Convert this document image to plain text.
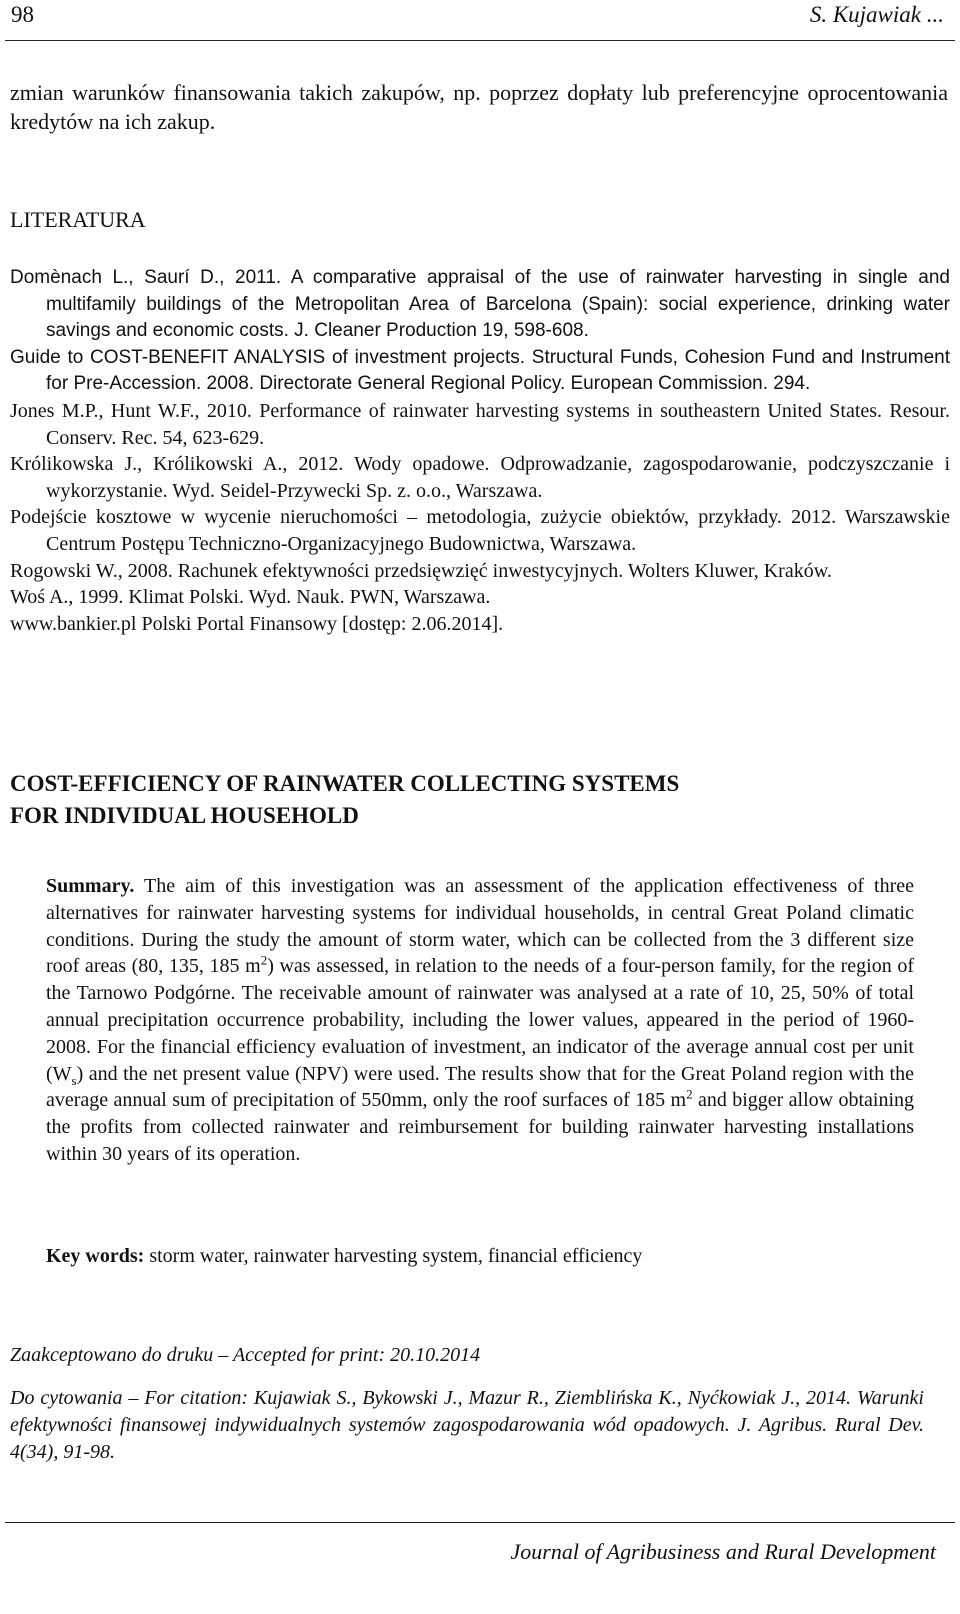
98	S. Kujawiak ...

zmian warunków finansowania takich zakupów, np. poprzez dopłaty lub preferencyjne oprocentowania kredytów na ich zakup.

LITERATURA
Domènach L., Saurí D., 2011. A comparative appraisal of the use of rainwater harvesting in single and multifamily buildings of the Metropolitan Area of Barcelona (Spain): social experience, drinking water savings and economic costs. J. Cleaner Production 19, 598-608.
Guide to COST-BENEFIT ANALYSIS of investment projects. Structural Funds, Cohesion Fund and Instrument for Pre-Accession. 2008. Directorate General Regional Policy. European Commission. 294.
Jones M.P., Hunt W.F., 2010. Performance of rainwater harvesting systems in southeastern United States. Resour. Conserv. Rec. 54, 623-629.
Królikowska J., Królikowski A., 2012. Wody opadowe. Odprowadzanie, zagospodarowanie, podczyszczanie i wykorzystanie. Wyd. Seidel-Przywecki Sp. z. o.o., Warszawa.
Podejście kosztowe w wycenie nieruchomości – metodologia, zużycie obiektów, przykłady. 2012. Warszawskie Centrum Postępu Techniczno-Organizacyjnego Budownictwa, Warszawa.
Rogowski W., 2008. Rachunek efektywności przedsięwzięć inwestycyjnych. Wolters Kluwer, Kraków.
Woś A., 1999. Klimat Polski. Wyd. Nauk. PWN, Warszawa.
www.bankier.pl Polski Portal Finansowy [dostęp: 2.06.2014].
COST-EFFICIENCY OF RAINWATER COLLECTING SYSTEMS
FOR INDIVIDUAL HOUSEHOLD

Summary. The aim of this investigation was an assessment of the application effectiveness of three alternatives for rainwater harvesting systems for individual households, in central Great Poland climatic conditions. During the study the amount of storm water, which can be collected from the 3 different size roof areas (80, 135, 185 $m^2$) was assessed, in relation to the needs of a four-person family, for the region of the Tarnowo Podgórne. The receivable amount of rainwater was analysed at a rate of 10, 25, 50% of total annual precipitation occurrence probability, including the lower values, appeared in the period of 1960-2008. For the financial efficiency evaluation of investment, an indicator of the average annual cost per unit $(W_s)$ and the net present value (NPV) were used. The results show that for the Great Poland region with the average annual sum of precipitation of 550mm, only the roof surfaces of 185 $m^2$ and bigger allow obtaining the profits from collected rainwater and reimbursement for building rainwater harvesting installations within 30 years of its operation.

Key words: storm water, rainwater harvesting system, financial efficiency

Zaakceptowano do druku – Accepted for print: 20.10.2014

Do cytowania – For citation: Kujawiak S., Bykowski J., Mazur R., Ziemblińska K., Nyćkowiak J., 2014. Warunki efektywności finansowej indywidualnych systemów zagospodarowania wód opadowych. J. Agribus. Rural Dev. 4(34), 91-98.

Journal of Agribusiness and Rural Development
